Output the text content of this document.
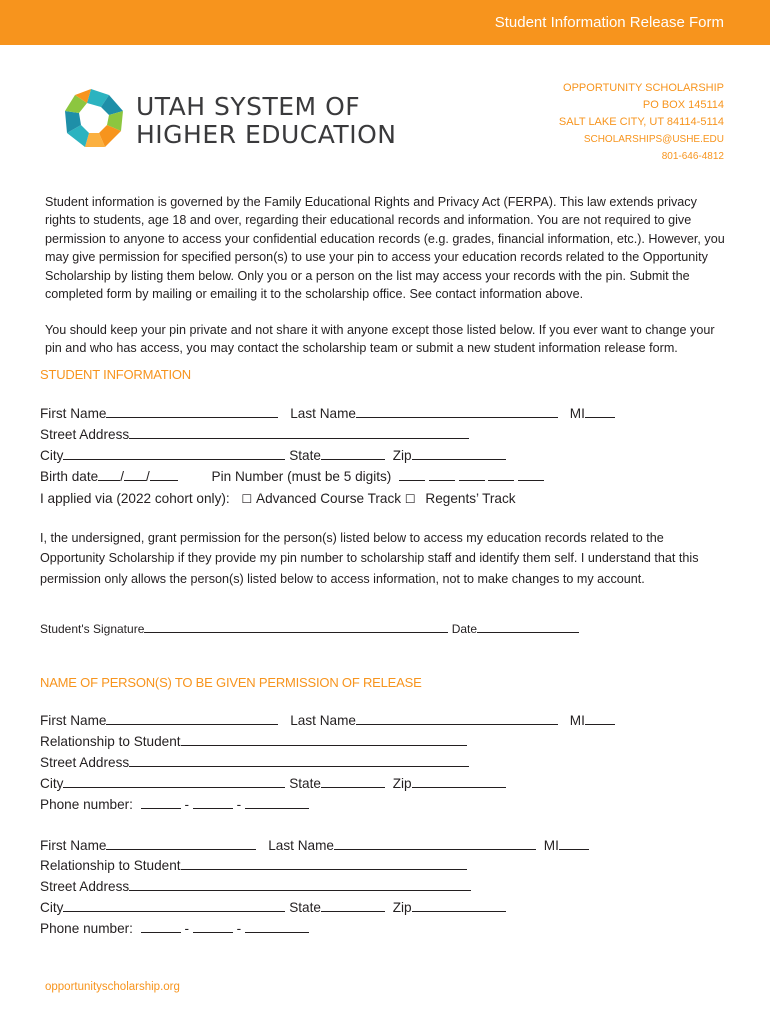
Student Information Release Form
UTAH SYSTEM OF
HIGHER EDUCATION
OPPORTUNITY SCHOLARSHIP
PO BOX 145114
SALT LAKE CITY, UT 84114-5114
SCHOLARSHIPS@USHE.EDU
801-646-4812

Student information is governed by the Family Educational Rights and Privacy Act (FERPA). This law extends privacy rights to students, age 18 and over, regarding their educational records and information. You are not required to give permission to anyone to access your confidential education records (e.g. grades, financial information, etc.). However, you may give permission for specified person(s) to use your pin to access your education records related to the Opportunity Scholarship by listing them below. Only you or a person on the list may access your records with the pin. Submit the completed form by mailing or emailing it to the scholarship office. See contact information above.

You should keep your pin private and not share it with anyone except those listed below. If you ever want to change your pin and who has access, you may contact the scholarship team or submit a new student information release form.

STUDENT INFORMATION
First Name	Last Name	MI
Street Address
City	State	Zip
Birth date / /	Pin Number (must be 5 digits)
I applied via (2022 cohort only): ☐ Advanced Course Track ☐ Regents’ Track

I, the undersigned, grant permission for the person(s) listed below to access my education records related to the Opportunity Scholarship if they provide my pin number to scholarship staff and identify them self. I understand that this permission only allows the person(s) listed below to access information, not to make changes to my account.

Student's Signature	Date
NAME OF PERSON(S) TO BE GIVEN PERMISSION OF RELEASE
First Name	Last Name	MI
Relationship to Student
Street Address
City	State	Zip
Phone number:	-	-
First Name	Last Name	MI
Relationship to Student
Street Address
City	State	Zip
Phone number:	-	-
opportunityscholarship.org
